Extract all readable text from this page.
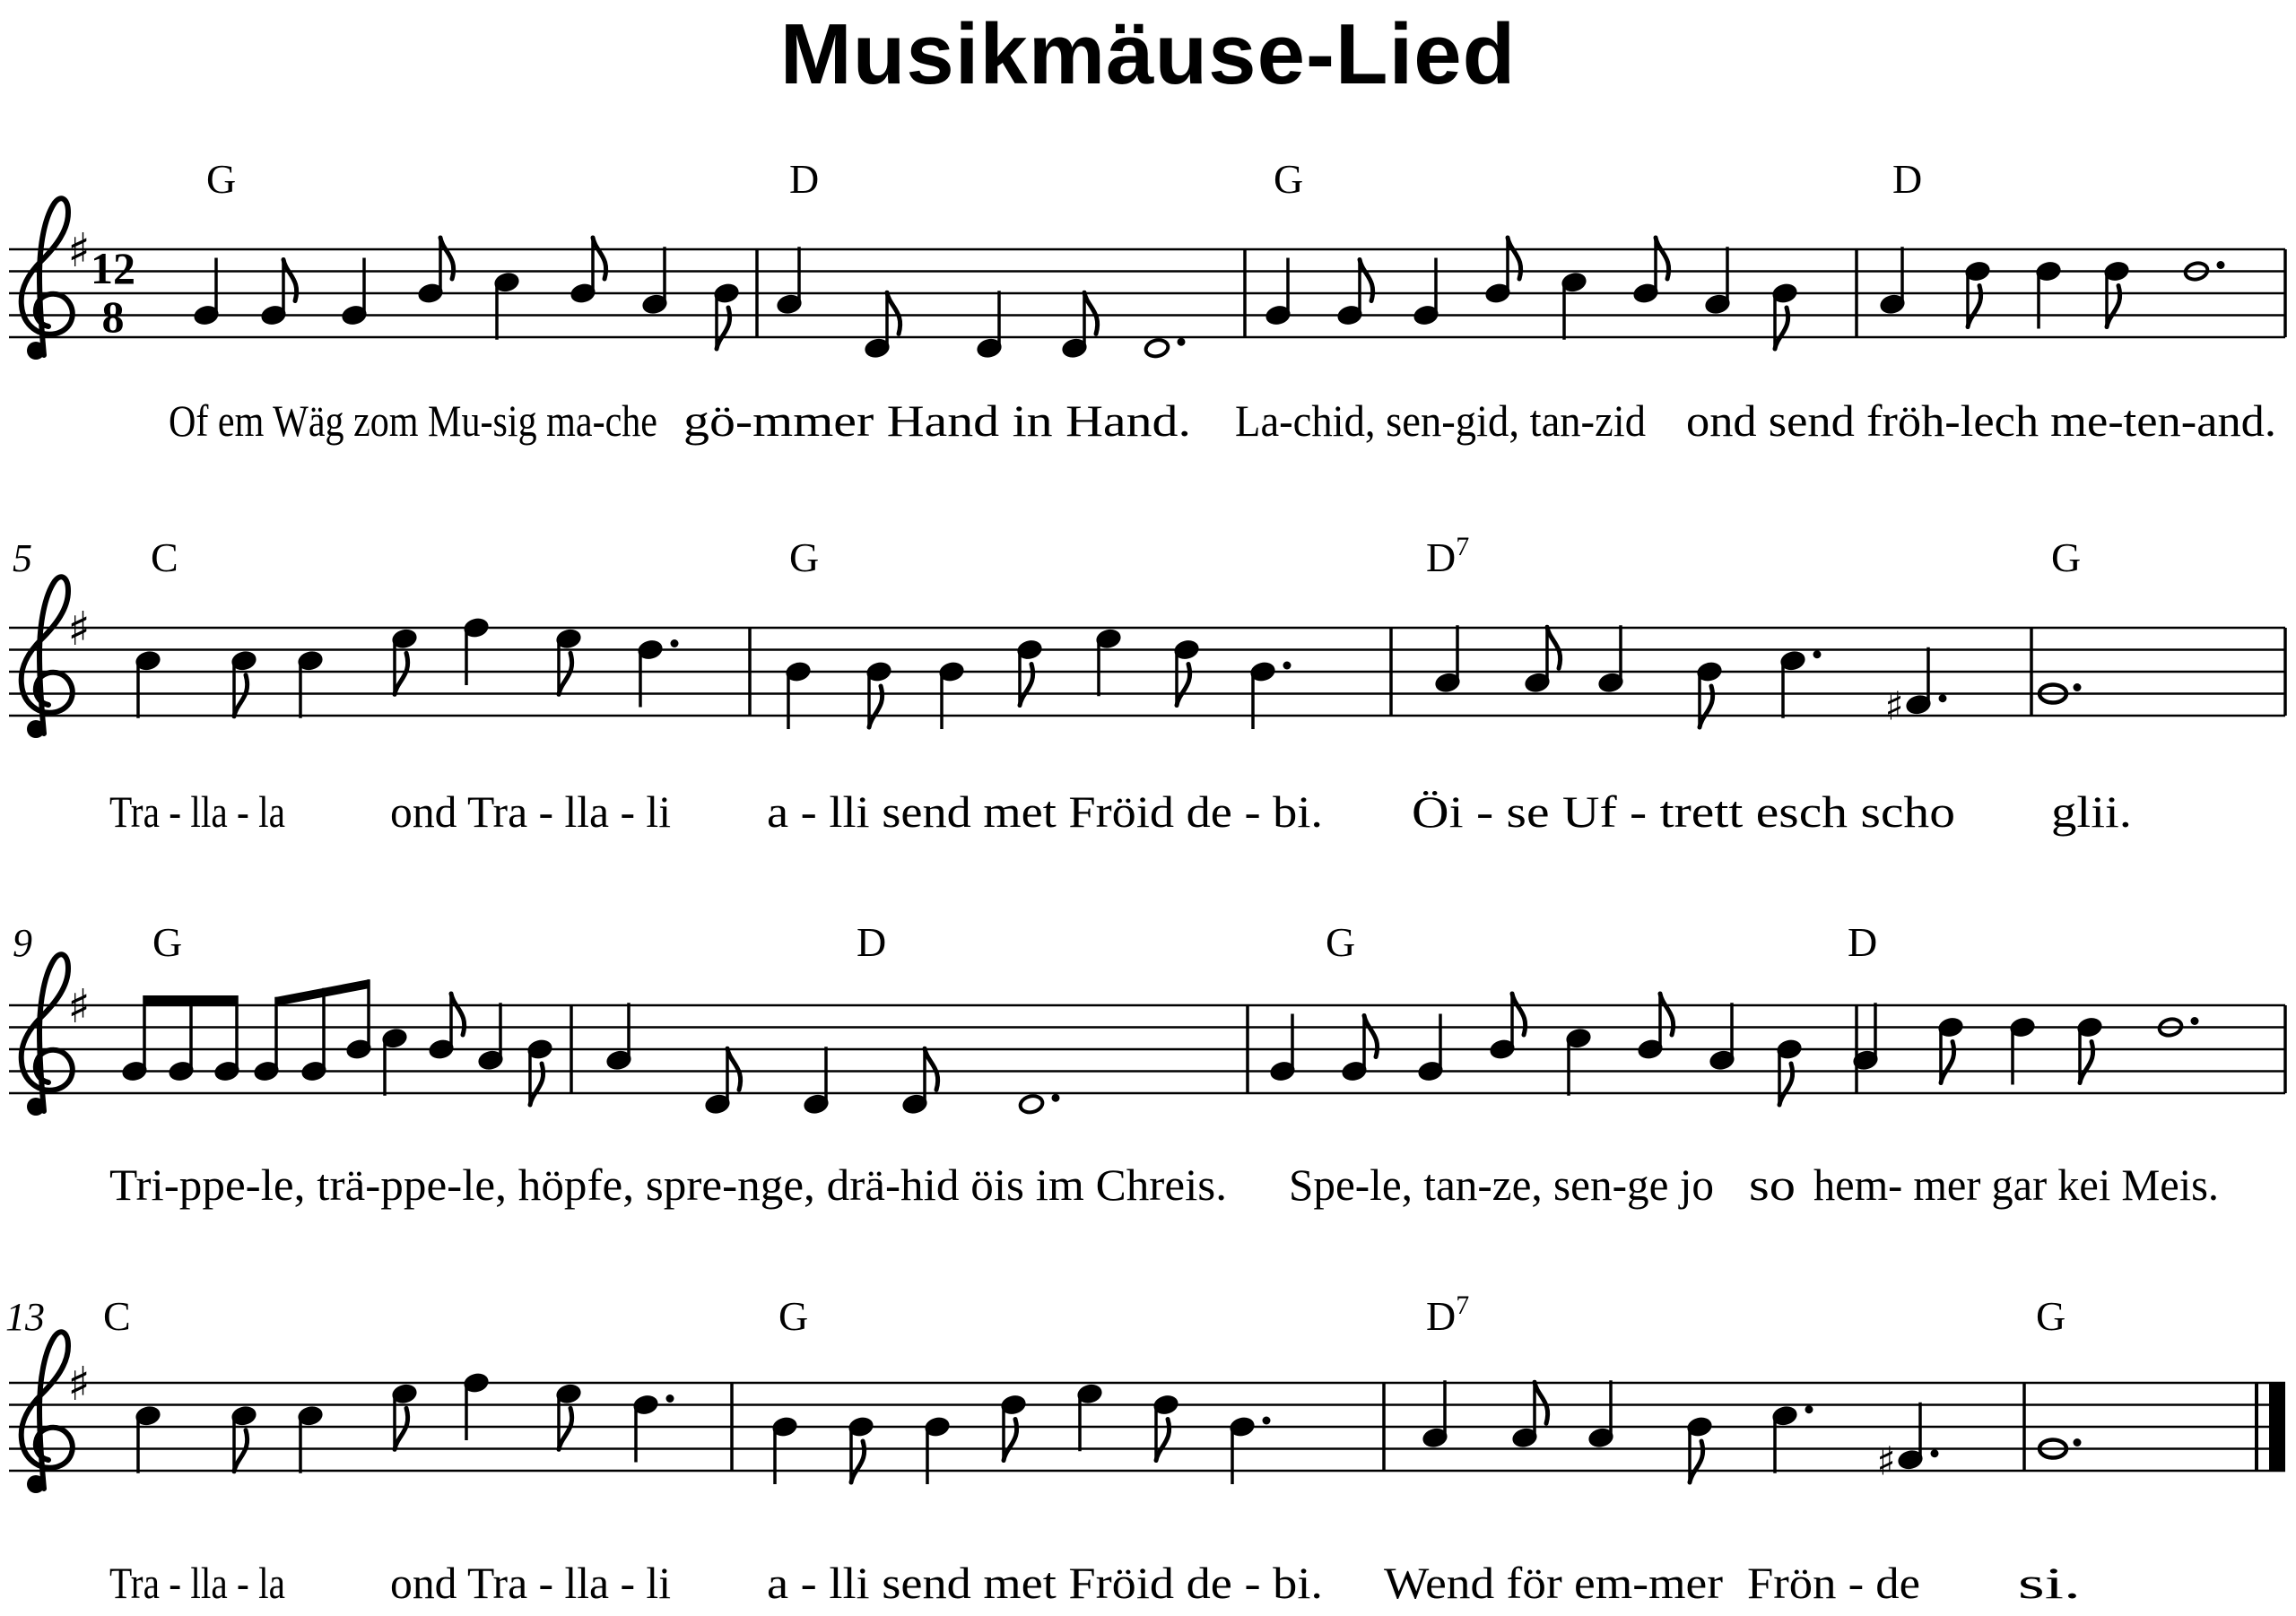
Musikmäuse-Lied
♯ 12
8
G	D	G	D
Of em Wäg zom Mu-sig ma-che gö-mmer Hand in Hand. La-chid, sen-gid, tan-zid ond send fröh-lech me-ten-and.
♯
5	C	G	$D^7$	G
♯
Tra - lla - la ond Tra - lla - li a - lli send met Fröid de - bi. Öi - se Uf - trett esch scho glii.
♯
9	G	D	G	D
Tri-ppe-le, trä-ppe-le, höpfe, spre-nge, drä-hid öis im Chreis. Spe-le, tan-ze, sen-ge jo so hem- mer gar kei Meis.
♯
13 C	G	$D^7$	G
♯
Tra - lla - la ond Tra - lla - li a - lli send met Fröid de - bi. Wend för em-mer Frön - de si.
